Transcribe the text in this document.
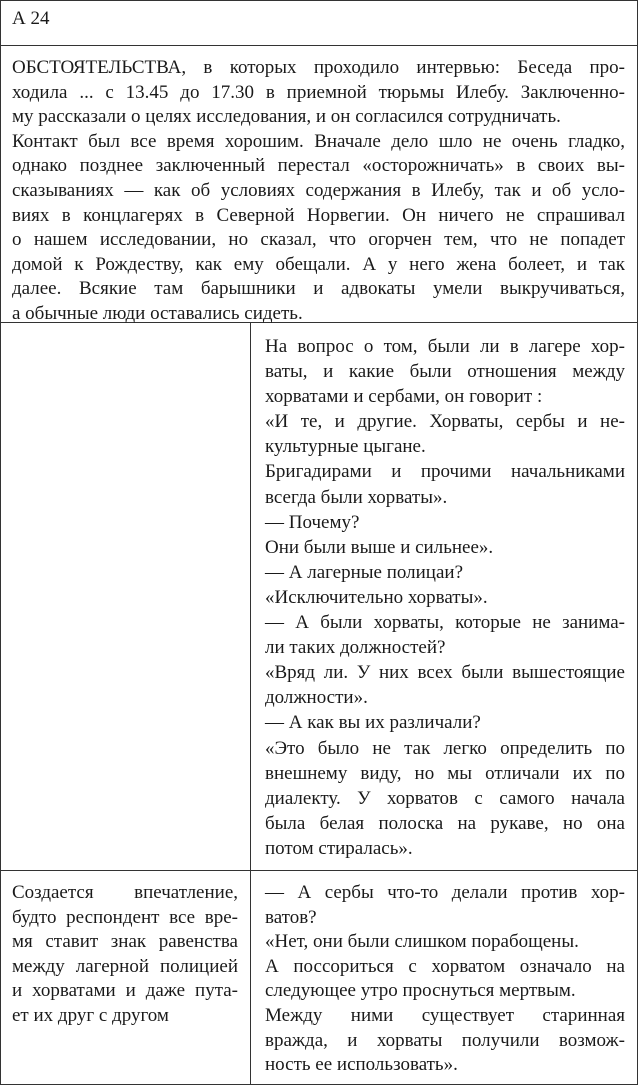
А 24
ОБСТОЯТЕЛЬСТВА, в которых проходило интервью: Беседа про-
ходила ... с 13.45 до 17.30 в приемной тюрьмы Илебу. Заключенно-
му рассказали о целях исследования, и он согласился сотрудничать.
Контакт был все время хорошим. Вначале дело шло не очень гладко,
однако позднее заключенный перестал «осторожничать» в своих вы-
сказываниях — как об условиях содержания в Илебу, так и об усло-
виях в концлагерях в Северной Норвегии. Он ничего не спрашивал
о нашем исследовании, но сказал, что огорчен тем, что не попадет
домой к Рождеству, как ему обещали. А у него жена болеет, и так
далее. Всякие там барышники и адвокаты умели выкручиваться,
а обычные люди оставались сидеть.
На вопрос о том, были ли в лагере хор-
ваты, и какие были отношения между
хорватами и сербами, он говорит :
«И те, и другие. Хорваты, сербы и не-
культурные цыгане.
Бригадирами и прочими начальниками
всегда были хорваты».
— Почему?
Они были выше и сильнее».
— А лагерные полицаи?
«Исключительно хорваты».
— А были хорваты, которые не занима-
ли таких должностей?
«Вряд ли. У них всех были вышестоящие
должности».
— А как вы их различали?
«Это было не так легко определить по
внешнему виду, но мы отличали их по
диалекту. У хорватов с самого начала
была белая полоска на рукаве, но она
потом стиралась».
Создается впечатление,
будто респондент все вре-
мя ставит знак равенства
между лагерной полицией
и хорватами и даже пута-
ет их друг с другом
— А сербы что-то делали против хор-
ватов?
«Нет, они были слишком порабощены.
А поссориться с хорватом означало на
следующее утро проснуться мертвым.
Между ними существует старинная
вражда, и хорваты получили возмож-
ность ее использовать».
